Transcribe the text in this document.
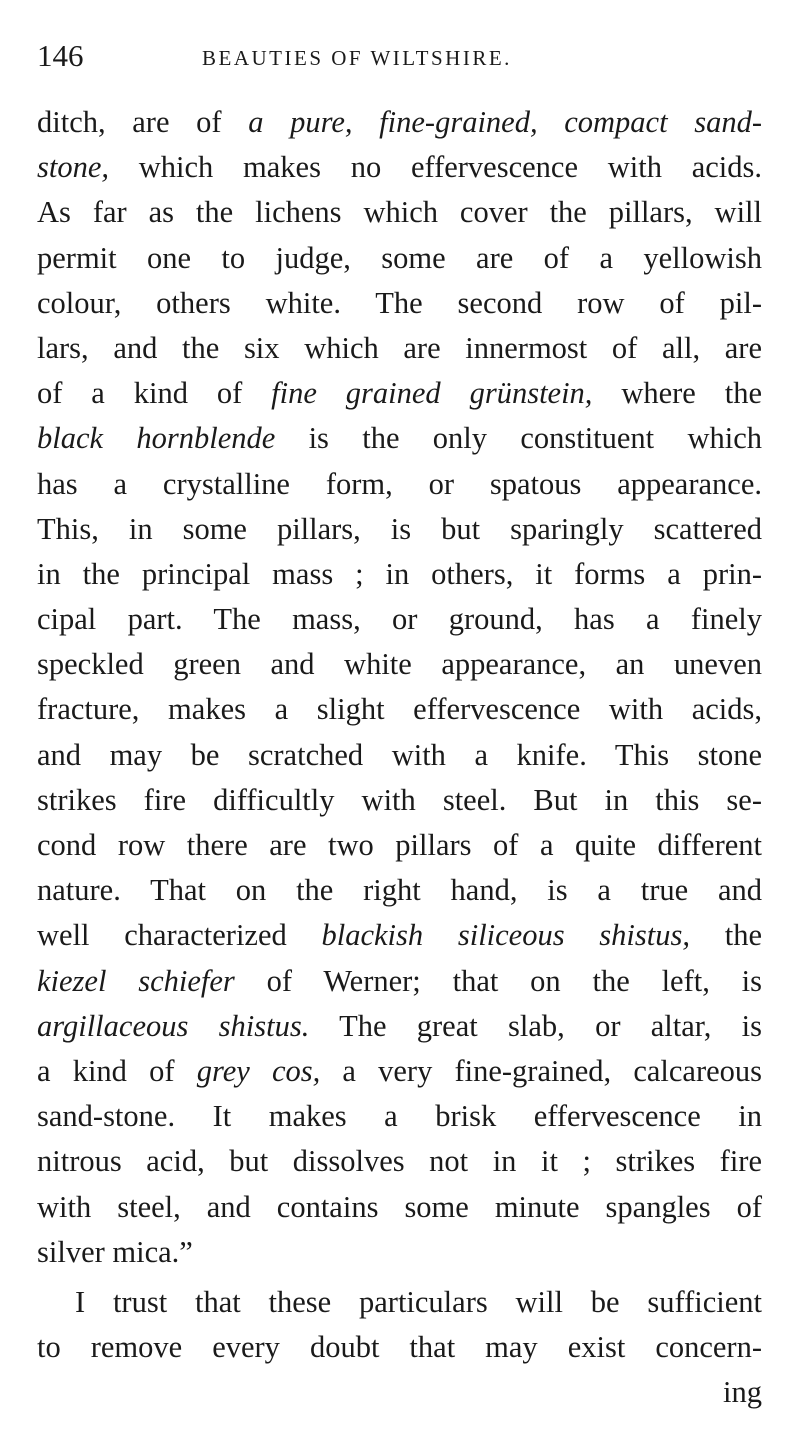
146	BEAUTIES OF WILTSHIRE.
ditch, are of a pure, fine-grained, compact sand-
stone, which makes no effervescence with acids.
As far as the lichens which cover the pillars, will
permit one to judge, some are of a yellowish
colour, others white. The second row of pil-
lars, and the six which are innermost of all, are
of a kind of fine grained grünstein, where the
black hornblende is the only constituent which
has a crystalline form, or spatous appearance.
This, in some pillars, is but sparingly scattered
in the principal mass ; in others, it forms a prin-
cipal part. The mass, or ground, has a finely
speckled green and white appearance, an uneven
fracture, makes a slight effervescence with acids,
and may be scratched with a knife. This stone
strikes fire difficultly with steel. But in this se-
cond row there are two pillars of a quite different
nature. That on the right hand, is a true and
well characterized blackish siliceous shistus, the
kiezel schiefer of Werner; that on the left, is
argillaceous shistus. The great slab, or altar, is
a kind of grey cos, a very fine-grained, calcareous
sand-stone. It makes a brisk effervescence in
nitrous acid, but dissolves not in it ; strikes fire
with steel, and contains some minute spangles of
silver mica.”
I trust that these particulars will be sufficient
to remove every doubt that may exist concern-
ing
